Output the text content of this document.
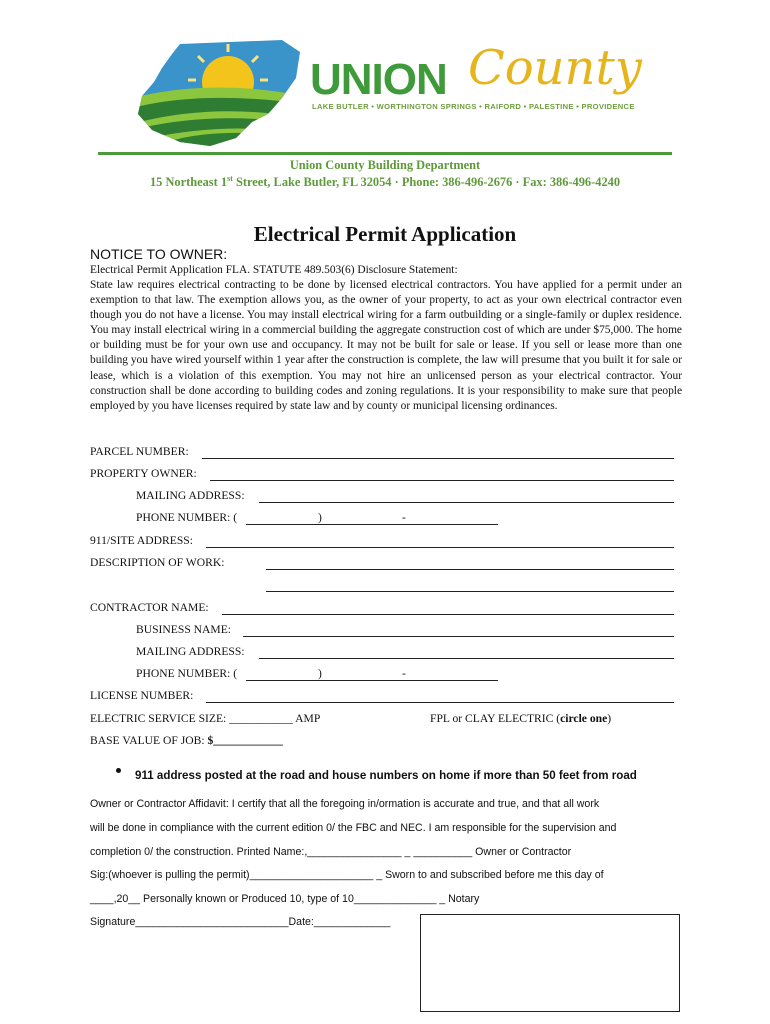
UNION County
LAKE BUTLER • WORTHINGTON SPRINGS • RAIFORD • PALESTINE • PROVIDENCE
Union County Building Department
15 Northeast 1st Street, Lake Butler, FL 32054 · Phone: 386-496-2676 · Fax: 386-496-4240
Electrical Permit Application
NOTICE TO OWNER:
Electrical Permit Application FLA. STATUTE 489.503(6) Disclosure Statement:
State law requires electrical contracting to be done by licensed electrical contractors. You have applied for a permit under an exemption to that law. The exemption allows you, as the owner of your property, to act as your own electrical contractor even though you do not have a license. You may install electrical wiring for a farm outbuilding or a single-family or duplex residence. You may install electrical wiring in a commercial building the aggregate construction cost of which are under $75,000. The home or building must be for your own use and occupancy. It may not be built for sale or lease. If you sell or lease more than one building you have wired yourself within 1 year after the construction is complete, the law will presume that you built it for sale or lease, which is a violation of this exemption. You may not hire an unlicensed person as your electrical contractor. Your construction shall be done according to building codes and zoning regulations. It is your responsibility to make sure that people employed by you have licenses required by state law and by county or municipal licensing ordinances.
PARCEL NUMBER:
PROPERTY OWNER:
MAILING ADDRESS:
PHONE NUMBER: (	)	-
911/SITE ADDRESS:
DESCRIPTION OF WORK:
CONTRACTOR NAME:
BUSINESS NAME:
MAILING ADDRESS:
PHONE NUMBER: (	)	-
LICENSE NUMBER:
ELECTRIC SERVICE SIZE: ___________ AMP	FPL or CLAY ELECTRIC (circle one)
BASE VALUE OF JOB: $____________
911 address posted at the road and house numbers on home if more than 50 feet from road
Owner or Contractor Affidavit: I certify that all the foregoing in/ormation is accurate and true, and that all work
will be done in compliance with the current edition 0/ the FBC and NEC. I am responsible for the supervision and
completion 0/ the construction. Printed Name:,________________ _ __________ Owner or Contractor
Sig:(whoever is pulling the permit)_____________________ _ Sworn to and subscribed before me this day of
____,20__ Personally known or Produced 10, type of 10______________ _ Notary
Signature__________________________Date:_____________
